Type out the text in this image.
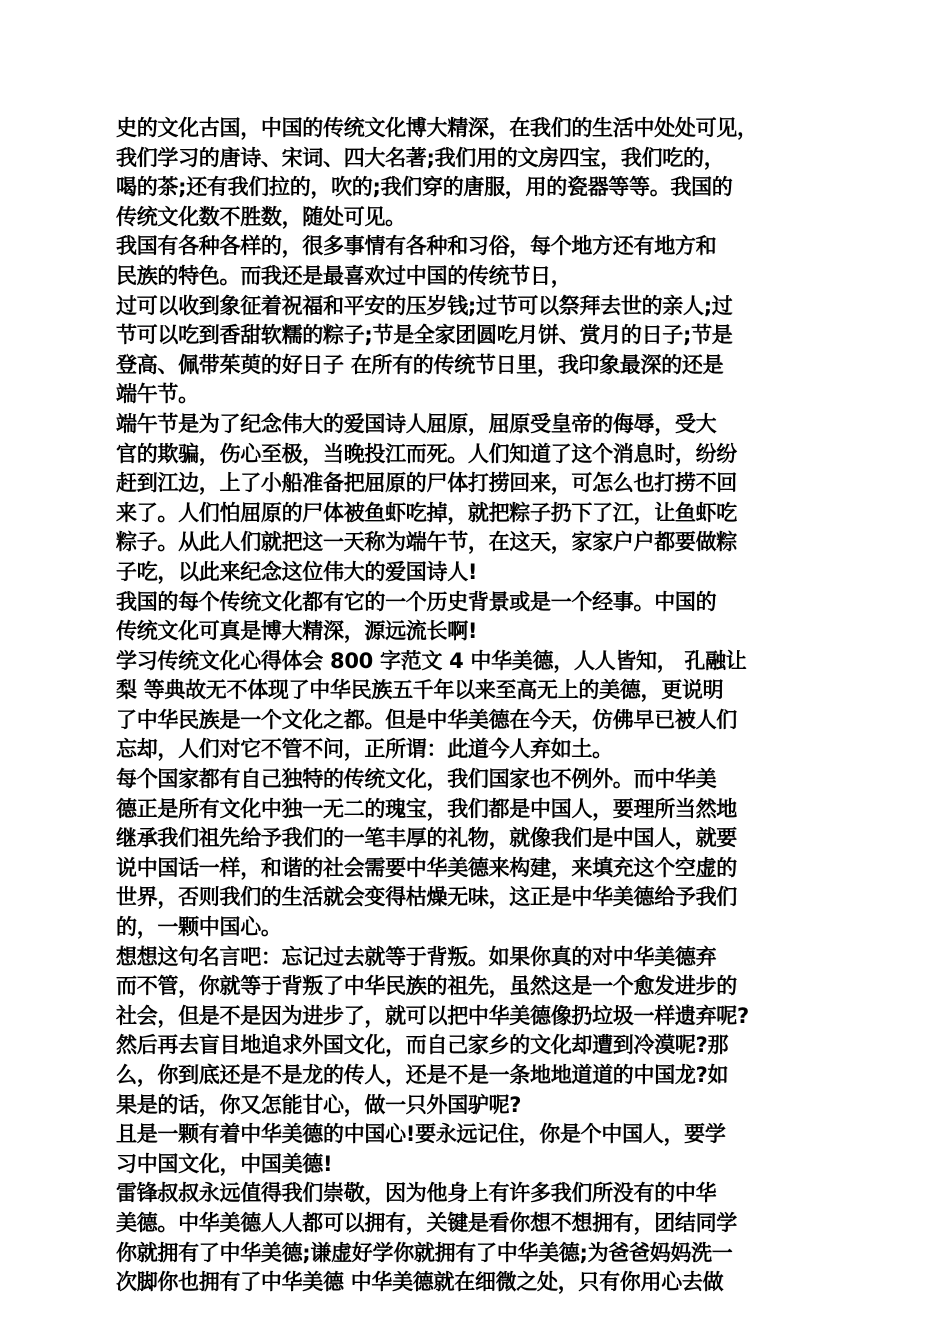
史的文化古国，中国的传统文化博大精深，在我们的生活中处处可见，
我们学习的唐诗、宋词、四大名著;我们用的文房四宝，我们吃的，
喝的茶;还有我们拉的，吹的;我们穿的唐服，用的瓷器等等。我国的
传统文化数不胜数，随处可见。
我国有各种各样的，很多事情有各种和习俗，每个地方还有地方和
民族的特色。而我还是最喜欢过中国的传统节日，
过可以收到象征着祝福和平安的压岁钱;过节可以祭拜去世的亲人;过
节可以吃到香甜软糯的粽子;节是全家团圆吃月饼、赏月的日子;节是
登高、佩带茱萸的好日子 在所有的传统节日里，我印象最深的还是
端午节。
端午节是为了纪念伟大的爱国诗人屈原，屈原受皇帝的侮辱，受大
官的欺骗，伤心至极，当晚投江而死。人们知道了这个消息时，纷纷
赶到江边，上了小船准备把屈原的尸体打捞回来，可怎么也打捞不回
来了。人们怕屈原的尸体被鱼虾吃掉，就把粽子扔下了江，让鱼虾吃
粽子。从此人们就把这一天称为端午节，在这天，家家户户都要做粽
子吃，以此来纪念这位伟大的爱国诗人!
我国的每个传统文化都有它的一个历史背景或是一个经事。中国的
传统文化可真是博大精深，源远流长啊!
学习传统文化心得体会 800 字范文 4 中华美德，人人皆知， 孔融让
梨 等典故无不体现了中华民族五千年以来至高无上的美德，更说明
了中华民族是一个文化之都。但是中华美德在今天，仿佛早已被人们
忘却，人们对它不管不问，正所谓：此道今人弃如土。
每个国家都有自己独特的传统文化，我们国家也不例外。而中华美
德正是所有文化中独一无二的瑰宝，我们都是中国人，要理所当然地
继承我们祖先给予我们的一笔丰厚的礼物，就像我们是中国人，就要
说中国话一样，和谐的社会需要中华美德来构建，来填充这个空虚的
世界，否则我们的生活就会变得枯燥无味，这正是中华美德给予我们
的，一颗中国心。
想想这句名言吧：忘记过去就等于背叛。如果你真的对中华美德弃
而不管，你就等于背叛了中华民族的祖先，虽然这是一个愈发进步的
社会，但是不是因为进步了，就可以把中华美德像扔垃圾一样遗弃呢?
然后再去盲目地追求外国文化，而自己家乡的文化却遭到冷漠呢?那
么，你到底还是不是龙的传人，还是不是一条地地道道的中国龙?如
果是的话，你又怎能甘心，做一只外国驴呢?
且是一颗有着中华美德的中国心!要永远记住，你是个中国人，要学
习中国文化，中国美德!
雷锋叔叔永远值得我们崇敬，因为他身上有许多我们所没有的中华
美德。中华美德人人都可以拥有，关键是看你想不想拥有，团结同学
你就拥有了中华美德;谦虚好学你就拥有了中华美德;为爸爸妈妈洗一
次脚你也拥有了中华美德 中华美德就在细微之处，只有你用心去做
